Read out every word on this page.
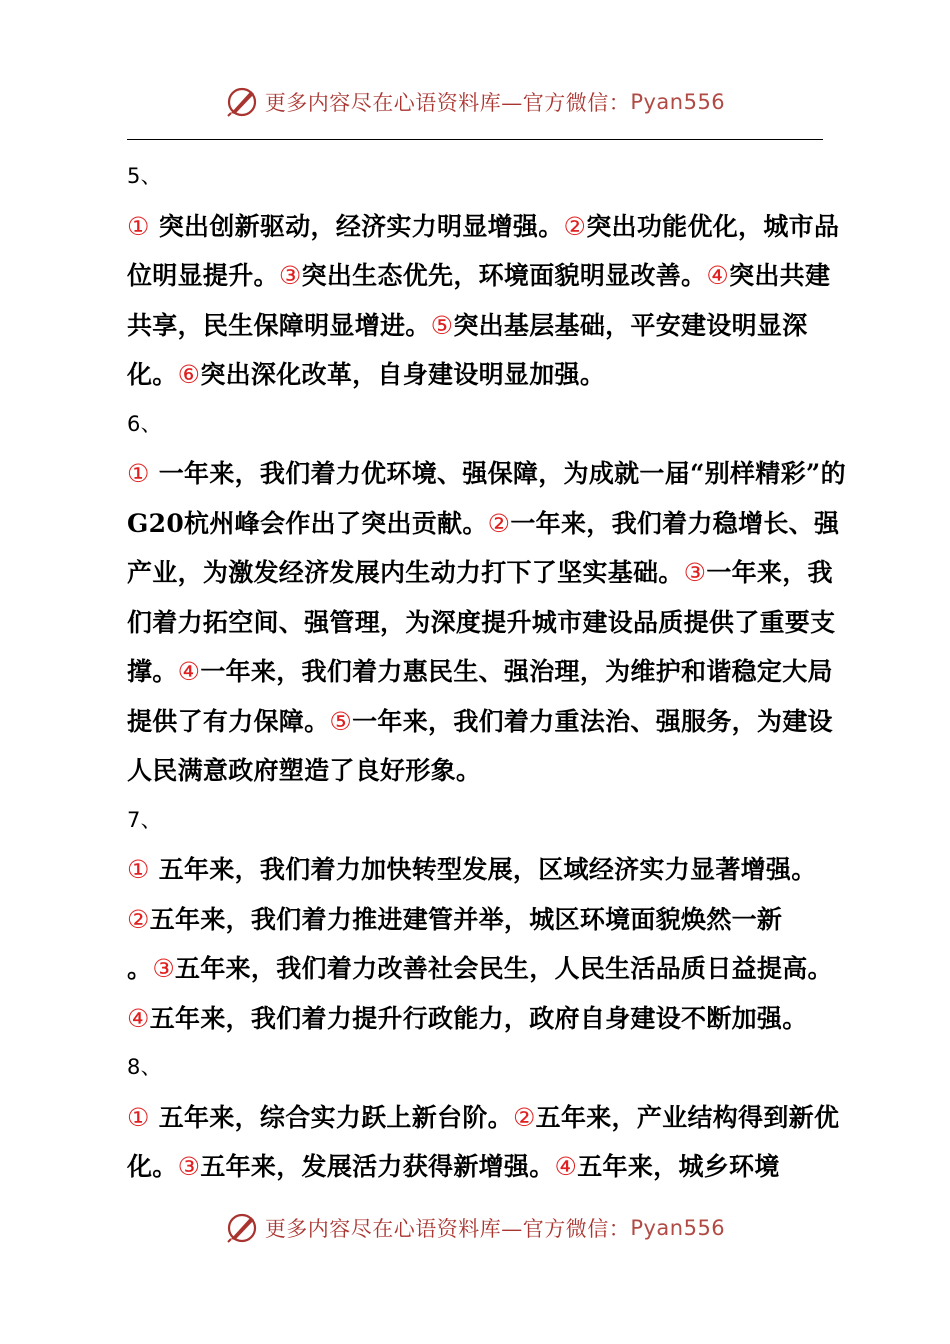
更多内容尽在心语资料库—官方微信： Pyan556

5、

① 突出创新驱动，经济实力明显增强。②突出功能优化，城市品位明显提升。③突出生态优先，环境面貌明显改善。④突出共建共享，民生保障明显增进。⑤突出基层基础，平安建设明显深化。⑥突出深化改革，自身建设明显加强。

6、

① 一年来，我们着力优环境、强保障，为成就一届“别样精彩”的G20杭州峰会作出了突出贡献。②一年来，我们着力稳增长、强产业，为激发经济发展内生动力打下了坚实基础。③一年来，我们着力拓空间、强管理，为深度提升城市建设品质提供了重要支撑。④一年来，我们着力惠民生、强治理，为维护和谐稳定大局提供了有力保障。⑤一年来，我们着力重法治、强服务，为建设人民满意政府塑造了良好形象。

7、

① 五年来，我们着力加快转型发展，区域经济实力显著增强。

②五年来，我们着力推进建管并举，城区环境面貌焕然一新

。③五年来，我们着力改善社会民生，人民生活品质日益提高。

④五年来，我们着力提升行政能力，政府自身建设不断加强。

8、

① 五年来，综合实力跃上新台阶。②五年来，产业结构得到新优化。③五年来，发展活力获得新增强。④五年来，城乡环境

更多内容尽在心语资料库—官方微信： Pyan556
